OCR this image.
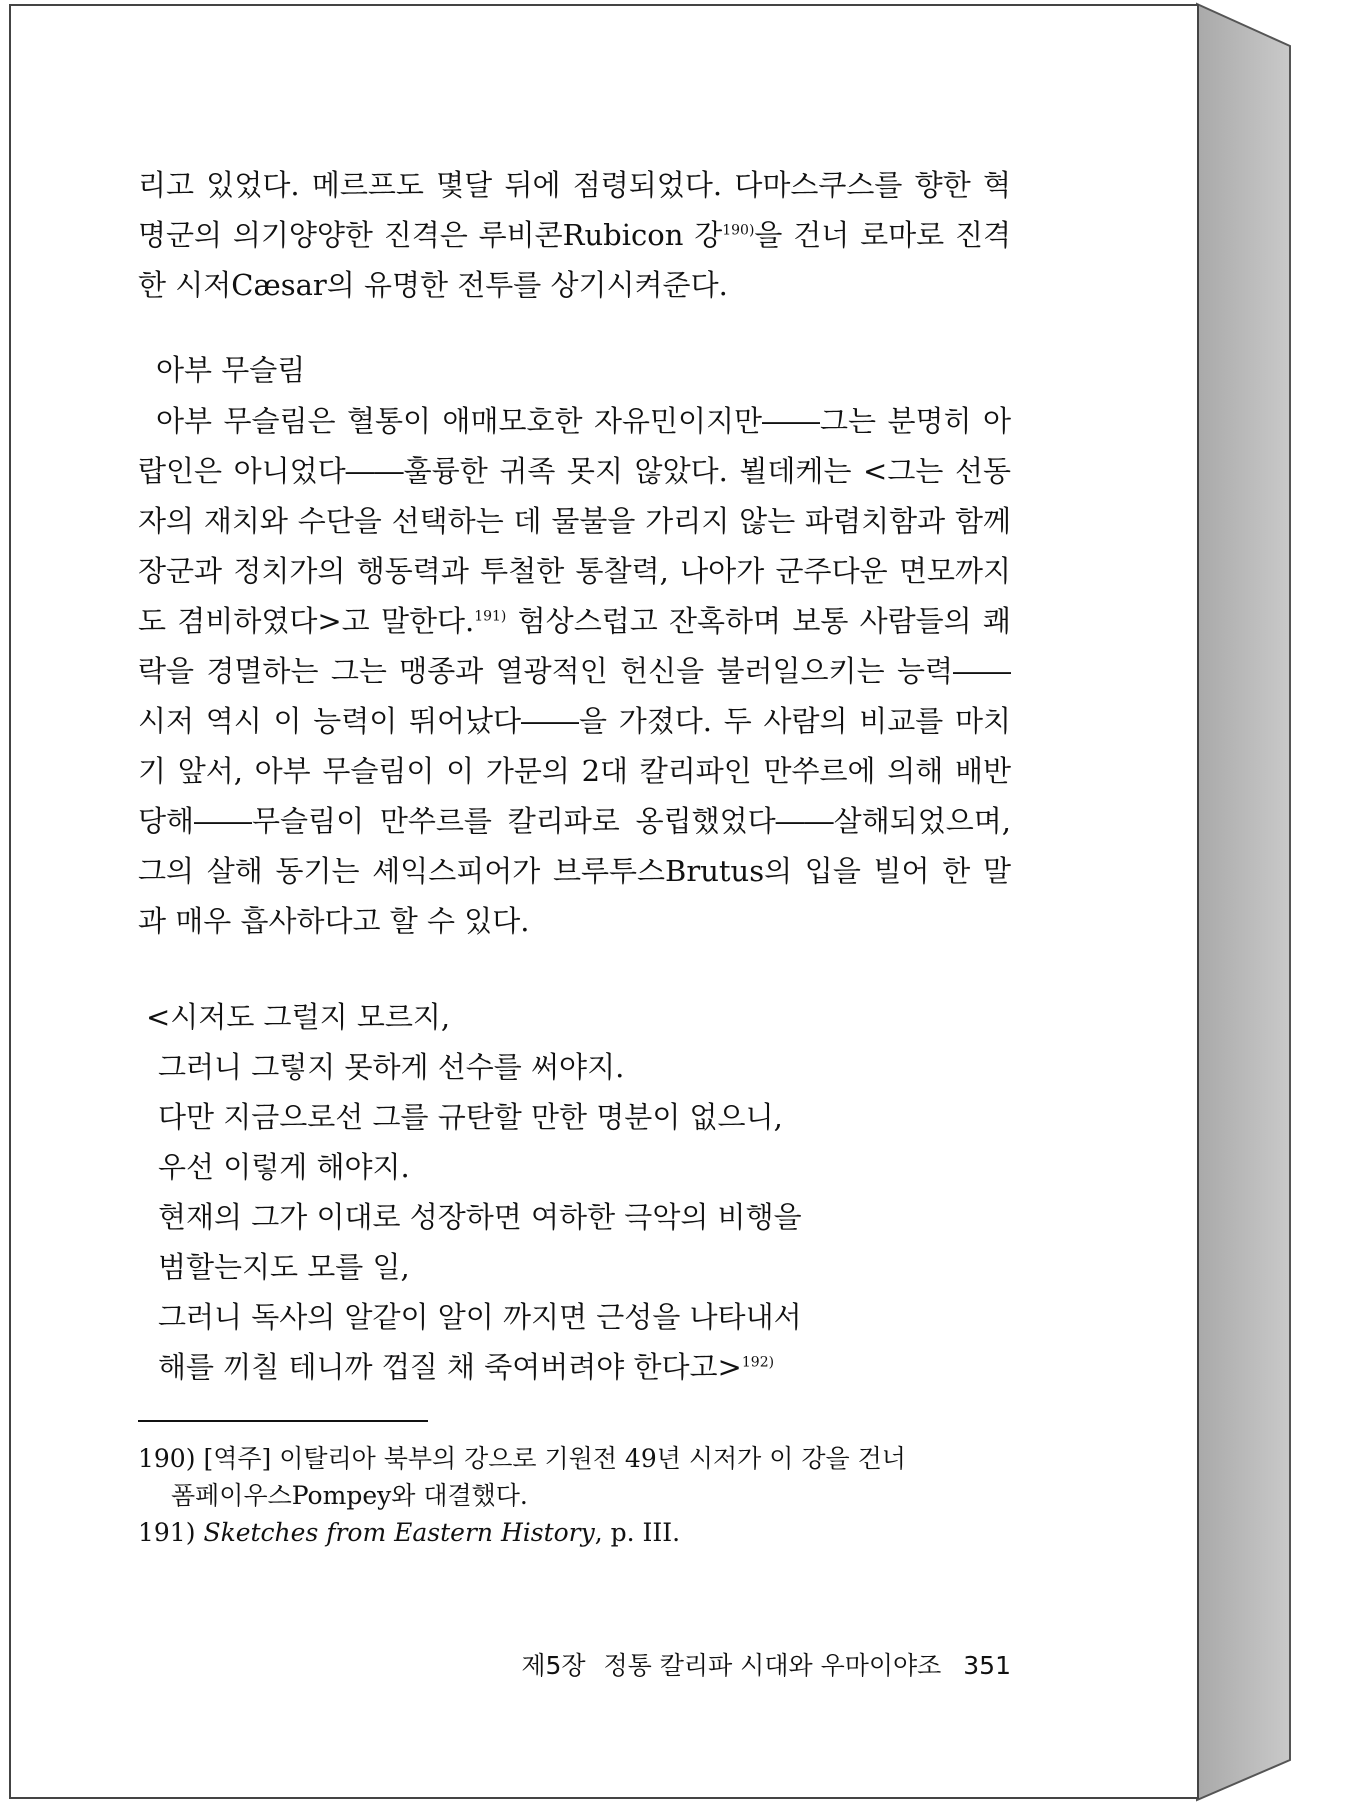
리고 있었다. 메르프도 몇달 뒤에 점령되었다. 다마스쿠스를 향한 혁명군의 의기양양한 진격은 루비콘Rubicon 강$^{190)}$을 건너 로마로 진격한 시저Cæsar의 유명한 전투를 상기시켜준다.

아부 무슬림

아부 무슬림은 혈통이 애매모호한 자유민이지만――그는 분명히 아랍인은 아니었다――훌륭한 귀족 못지 않았다. 뵐데케는 <그는 선동자의 재치와 수단을 선택하는 데 물불을 가리지 않는 파렴치함과 함께 장군과 정치가의 행동력과 투철한 통찰력, 나아가 군주다운 면모까지도 겸비하였다>고 말한다.$^{191)}$ 험상스럽고 잔혹하며 보통 사람들의 쾌락을 경멸하는 그는 맹종과 열광적인 헌신을 불러일으키는 능력――시저 역시 이 능력이 뛰어났다――을 가졌다. 두 사람의 비교를 마치기 앞서, 아부 무슬림이 이 가문의 2대 칼리파인 만쑤르에 의해 배반당해――무슬림이 만쑤르를 칼리파로 옹립했었다――살해되었으며, 그의 살해 동기는 셰익스피어가 브루투스Brutus의 입을 빌어 한 말과 매우 흡사하다고 할 수 있다.

<시저도 그럴지 모르지,
그러니 그렇지 못하게 선수를 써야지.
다만 지금으로선 그를 규탄할 만한 명분이 없으니,
우선 이렇게 해야지.
현재의 그가 이대로 성장하면 여하한 극악의 비행을
범할는지도 모를 일,
그러니 독사의 알같이 알이 까지면 근성을 나타내서
해를 끼칠 테니까 껍질 채 죽여버려야 한다고>$^{192)}$
190) [역주] 이탈리아 북부의 강으로 기원전 49년 시저가 이 강을 건너
폼페이우스Pompey와 대결했다.
191) Sketches from Eastern History, p. III.
제5장 정통 칼리파 시대와 우마이야조 351
